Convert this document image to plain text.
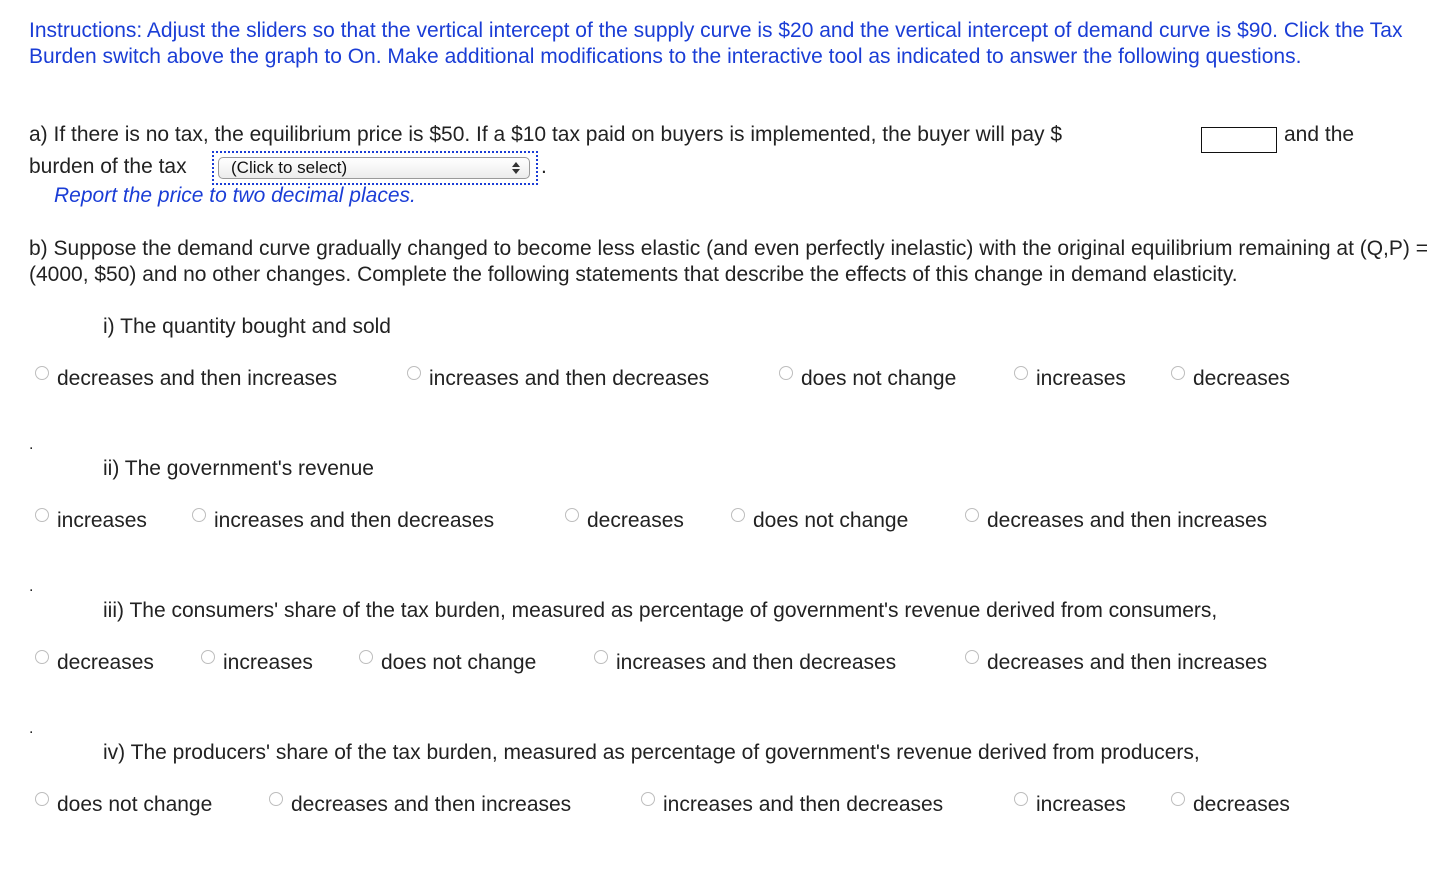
Instructions: Adjust the sliders so that the vertical intercept of the supply curve is $20 and the vertical intercept of demand curve is $90. Click the Tax Burden switch above the graph to On. Make additional modifications to the interactive tool as indicated to answer the following questions.
a) If there is no tax, the equilibrium price is $50. If a $10 tax paid on buyers is implemented, the buyer will pay $	and the
burden of the tax	(Click to select)	.
Report the price to two decimal places.
b) Suppose the demand curve gradually changed to become less elastic (and even perfectly inelastic) with the original equilibrium remaining at (Q,P) = (4000, $50) and no other changes. Complete the following statements that describe the effects of this change in demand elasticity.
i) The quantity bought and sold
decreases and then increases	increases and then decreases	does not change	increases	decreases
.
ii) The government's revenue
increases	increases and then decreases	decreases	does not change	decreases and then increases
.
iii) The consumers' share of the tax burden, measured as percentage of government's revenue derived from consumers,
decreases	increases	does not change	increases and then decreases	decreases and then increases
.
iv) The producers' share of the tax burden, measured as percentage of government's revenue derived from producers,
does not change	decreases and then increases	increases and then decreases	increases	decreases
